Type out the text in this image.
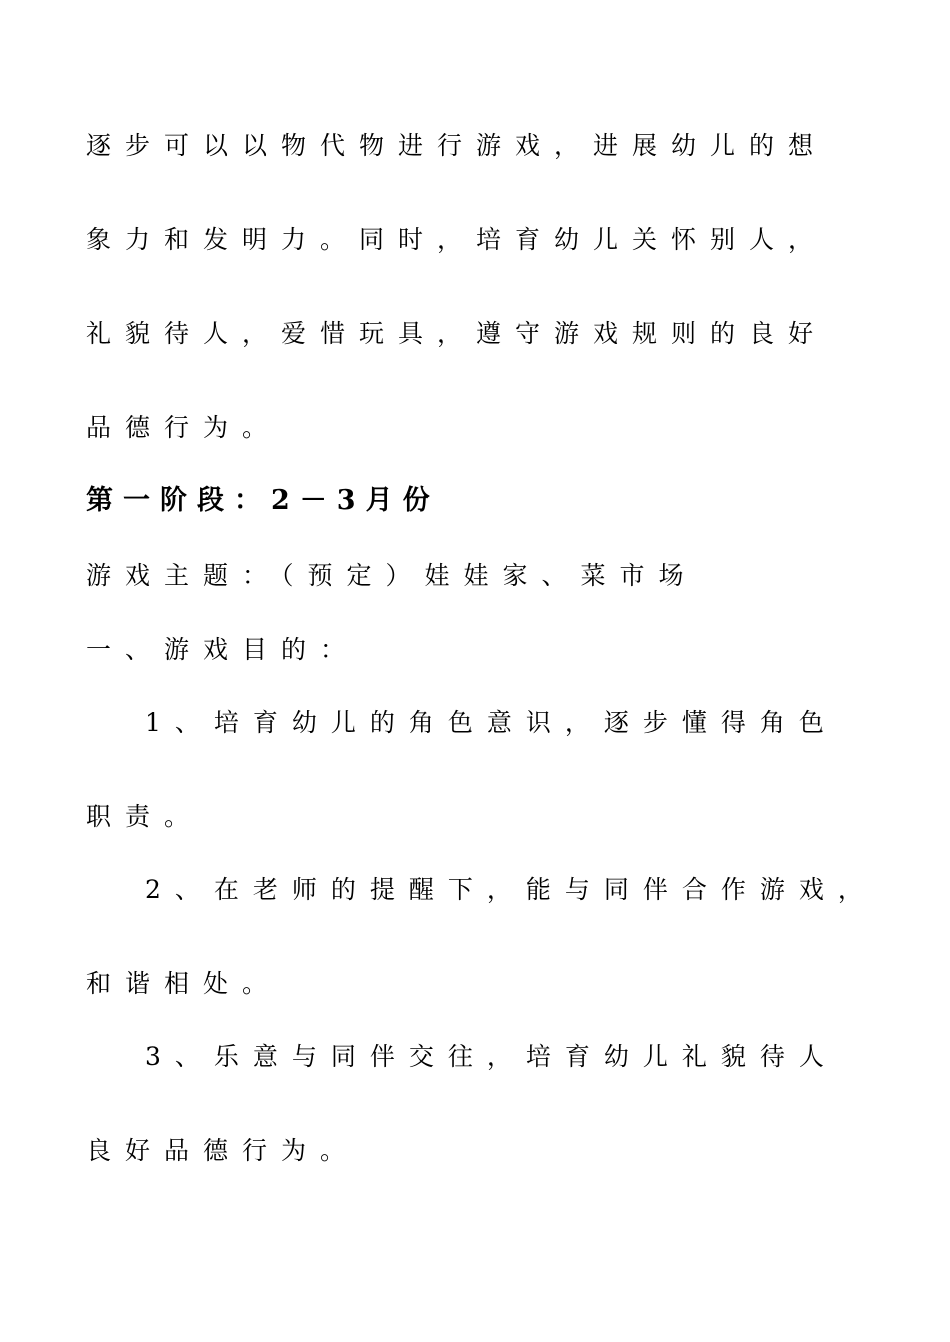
逐步可以以物代物进行游戏，进展幼儿的想
象力和发明力。同时，培育幼儿关怀别人，
礼貌待人，爱惜玩具，遵守游戏规则的良好
品德行为。
第一阶段：2－3月份
游戏主题：（预定）娃娃家、菜市场
一、游戏目的：
1、培育幼儿的角色意识，逐步懂得角色
职责。
2、在老师的提醒下，能与同伴合作游戏，
和谐相处。
3、乐意与同伴交往，培育幼儿礼貌待人
良好品德行为。
